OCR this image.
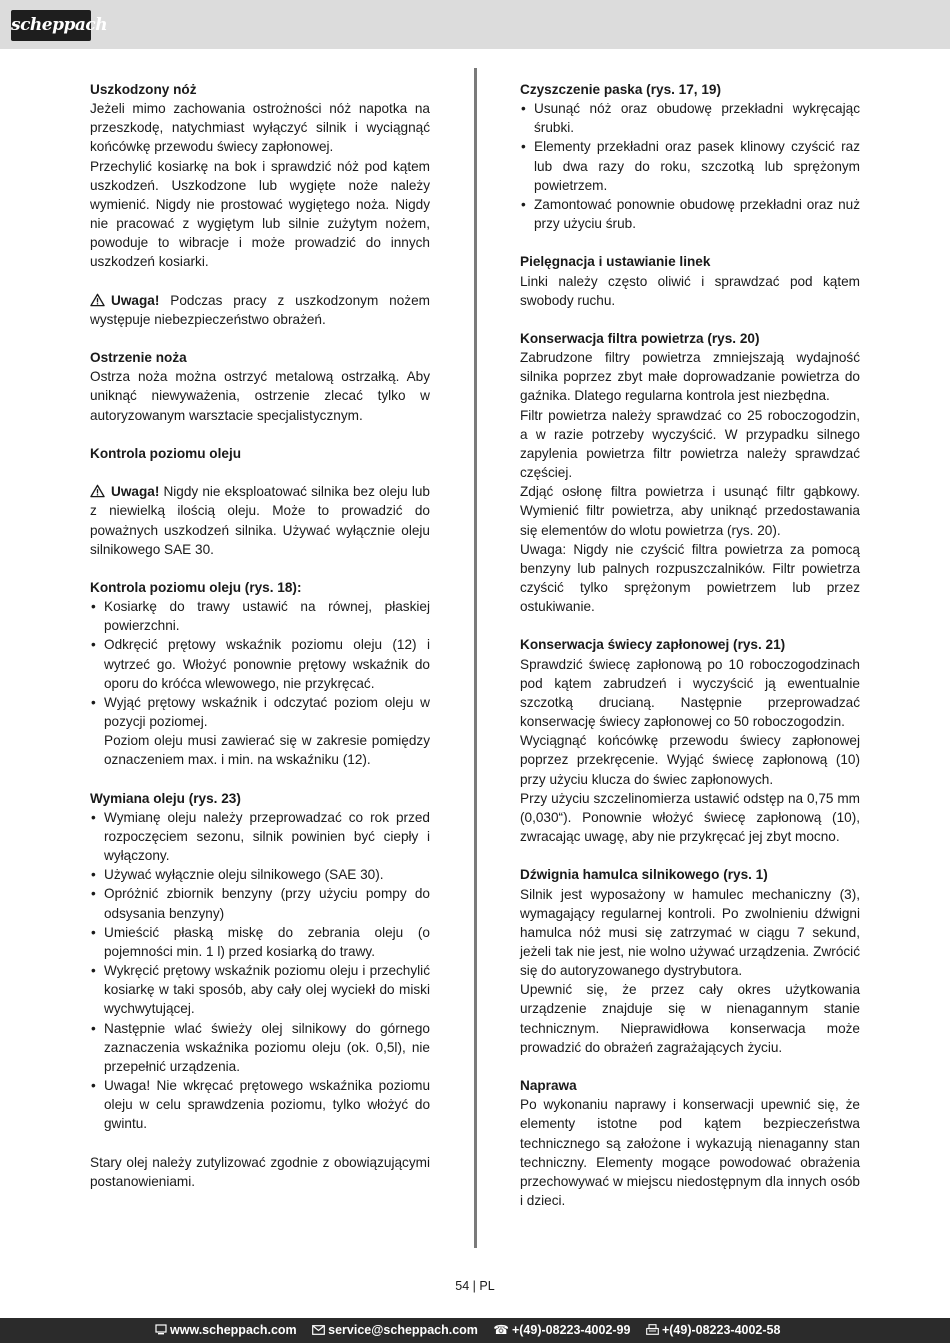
scheppach
Uszkodzony nóż

Jeżeli mimo zachowania ostrożności nóż napotka na przeszkodę, natychmiast wyłączyć silnik i wyciągnąć końcówkę przewodu świecy zapłonowej.

Przechylić kosiarkę na bok i sprawdzić nóż pod kątem uszkodzeń. Uszkodzone lub wygięte noże należy wymienić. Nigdy nie prostować wygiętego noża. Nigdy nie pracować z wygiętym lub silnie zużytym nożem, powoduje to wibracje i może prowadzić do innych uszkodzeń kosiarki.

Uwaga! Podczas pracy z uszkodzonym nożem występuje niebezpieczeństwo obrażeń.

Ostrzenie noża

Ostrza noża można ostrzyć metalową ostrzałką. Aby uniknąć niewyważenia, ostrzenie zlecać tylko w autoryzowanym warsztacie specjalistycznym.

Kontrola poziomu oleju

Uwaga! Nigdy nie eksploatować silnika bez oleju lub z niewielką ilością oleju. Może to prowadzić do poważnych uszkodzeń silnika. Używać wyłącznie oleju silnikowego SAE 30.

Kontrola poziomu oleju (rys. 18):
• Kosiarkę do trawy ustawić na równej, płaskiej powierzchni.
• Odkręcić prętowy wskaźnik poziomu oleju (12) i wytrzeć go. Włożyć ponownie prętowy wskaźnik do oporu do króćca wlewowego, nie przykręcać.
• Wyjąć prętowy wskaźnik i odczytać poziom oleju w pozycji poziomej.

Poziom oleju musi zawierać się w zakresie pomiędzy oznaczeniem max. i min. na wskaźniku (12).

Wymiana oleju (rys. 23)
• Wymianę oleju należy przeprowadzać co rok przed rozpoczęciem sezonu, silnik powinien być ciepły i wyłączony.
• Używać wyłącznie oleju silnikowego (SAE 30).
• Opróżnić zbiornik benzyny (przy użyciu pompy do odsysania benzyny)
• Umieścić płaską miskę do zebrania oleju (o pojemności min. 1 l) przed kosiarką do trawy.
• Wykręcić prętowy wskaźnik poziomu oleju i przechylić kosiarkę w taki sposób, aby cały olej wyciekł do miski wychwytującej.
• Następnie wlać świeży olej silnikowy do górnego zaznaczenia wskaźnika poziomu oleju (ok. 0,5l), nie przepełnić urządzenia.
• Uwaga! Nie wkręcać prętowego wskaźnika poziomu oleju w celu sprawdzenia poziomu, tylko włożyć do gwintu.

Stary olej należy zutylizować zgodnie z obowiązującymi postanowieniami.

Czyszczenie paska (rys. 17, 19)
• Usunąć nóż oraz obudowę przekładni wykręcając śrubki.
• Elementy przekładni oraz pasek klinowy czyścić raz lub dwa razy do roku, szczotką lub sprężonym powietrzem.
• Zamontować ponownie obudowę przekładni oraz nuż przy użyciu śrub.
Pielęgnacja i ustawianie linek

Linki należy często oliwić i sprawdzać pod kątem swobody ruchu.

Konserwacja filtra powietrza (rys. 20)

Zabrudzone filtry powietrza zmniejszają wydajność silnika poprzez zbyt małe doprowadzanie powietrza do gaźnika. Dlatego regularna kontrola jest niezbędna.

Filtr powietrza należy sprawdzać co 25 roboczogodzin, a w razie potrzeby wyczyścić. W przypadku silnego zapylenia powietrza filtr powietrza należy sprawdzać częściej.

Zdjąć osłonę filtra powietrza i usunąć filtr gąbkowy. Wymienić filtr powietrza, aby uniknąć przedostawania się elementów do wlotu powietrza (rys. 20).

Uwaga: Nigdy nie czyścić filtra powietrza za pomocą benzyny lub palnych rozpuszczalników. Filtr powietrza czyścić tylko sprężonym powietrzem lub przez ostukiwanie.

Konserwacja świecy zapłonowej (rys. 21)

Sprawdzić świecę zapłonową po 10 roboczogodzinach pod kątem zabrudzeń i wyczyścić ją ewentualnie szczotką drucianą. Następnie przeprowadzać konserwację świecy zapłonowej co 50 roboczogodzin.

Wyciągnąć końcówkę przewodu świecy zapłonowej poprzez przekręcenie. Wyjąć świecę zapłonową (10) przy użyciu klucza do świec zapłonowych.

Przy użyciu szczelinomierza ustawić odstęp na 0,75 mm (0,030“). Ponownie włożyć świecę zapłonową (10), zwracając uwagę, aby nie przykręcać jej zbyt mocno.

Dźwignia hamulca silnikowego (rys. 1)

Silnik jest wyposażony w hamulec mechaniczny (3), wymagający regularnej kontroli. Po zwolnieniu dźwigni hamulca nóż musi się zatrzymać w ciągu 7 sekund, jeżeli tak nie jest, nie wolno używać urządzenia. Zwrócić się do autoryzowanego dystrybutora.

Upewnić się, że przez cały okres użytkowania urządzenie znajduje się w nienagannym stanie technicznym. Nieprawidłowa konserwacja może prowadzić do obrażeń zagrażających życiu.

Naprawa

Po wykonaniu naprawy i konserwacji upewnić się, że elementy istotne pod kątem bezpieczeństwa technicznego są założone i wykazują nienaganny stan techniczny. Elementy mogące powodować obrażenia przechowywać w miejscu niedostępnym dla innych osób i dzieci.

54 | PL
www.scheppach.com	service@scheppach.com ☎ +(49)-08223-4002-99	+(49)-08223-4002-58
